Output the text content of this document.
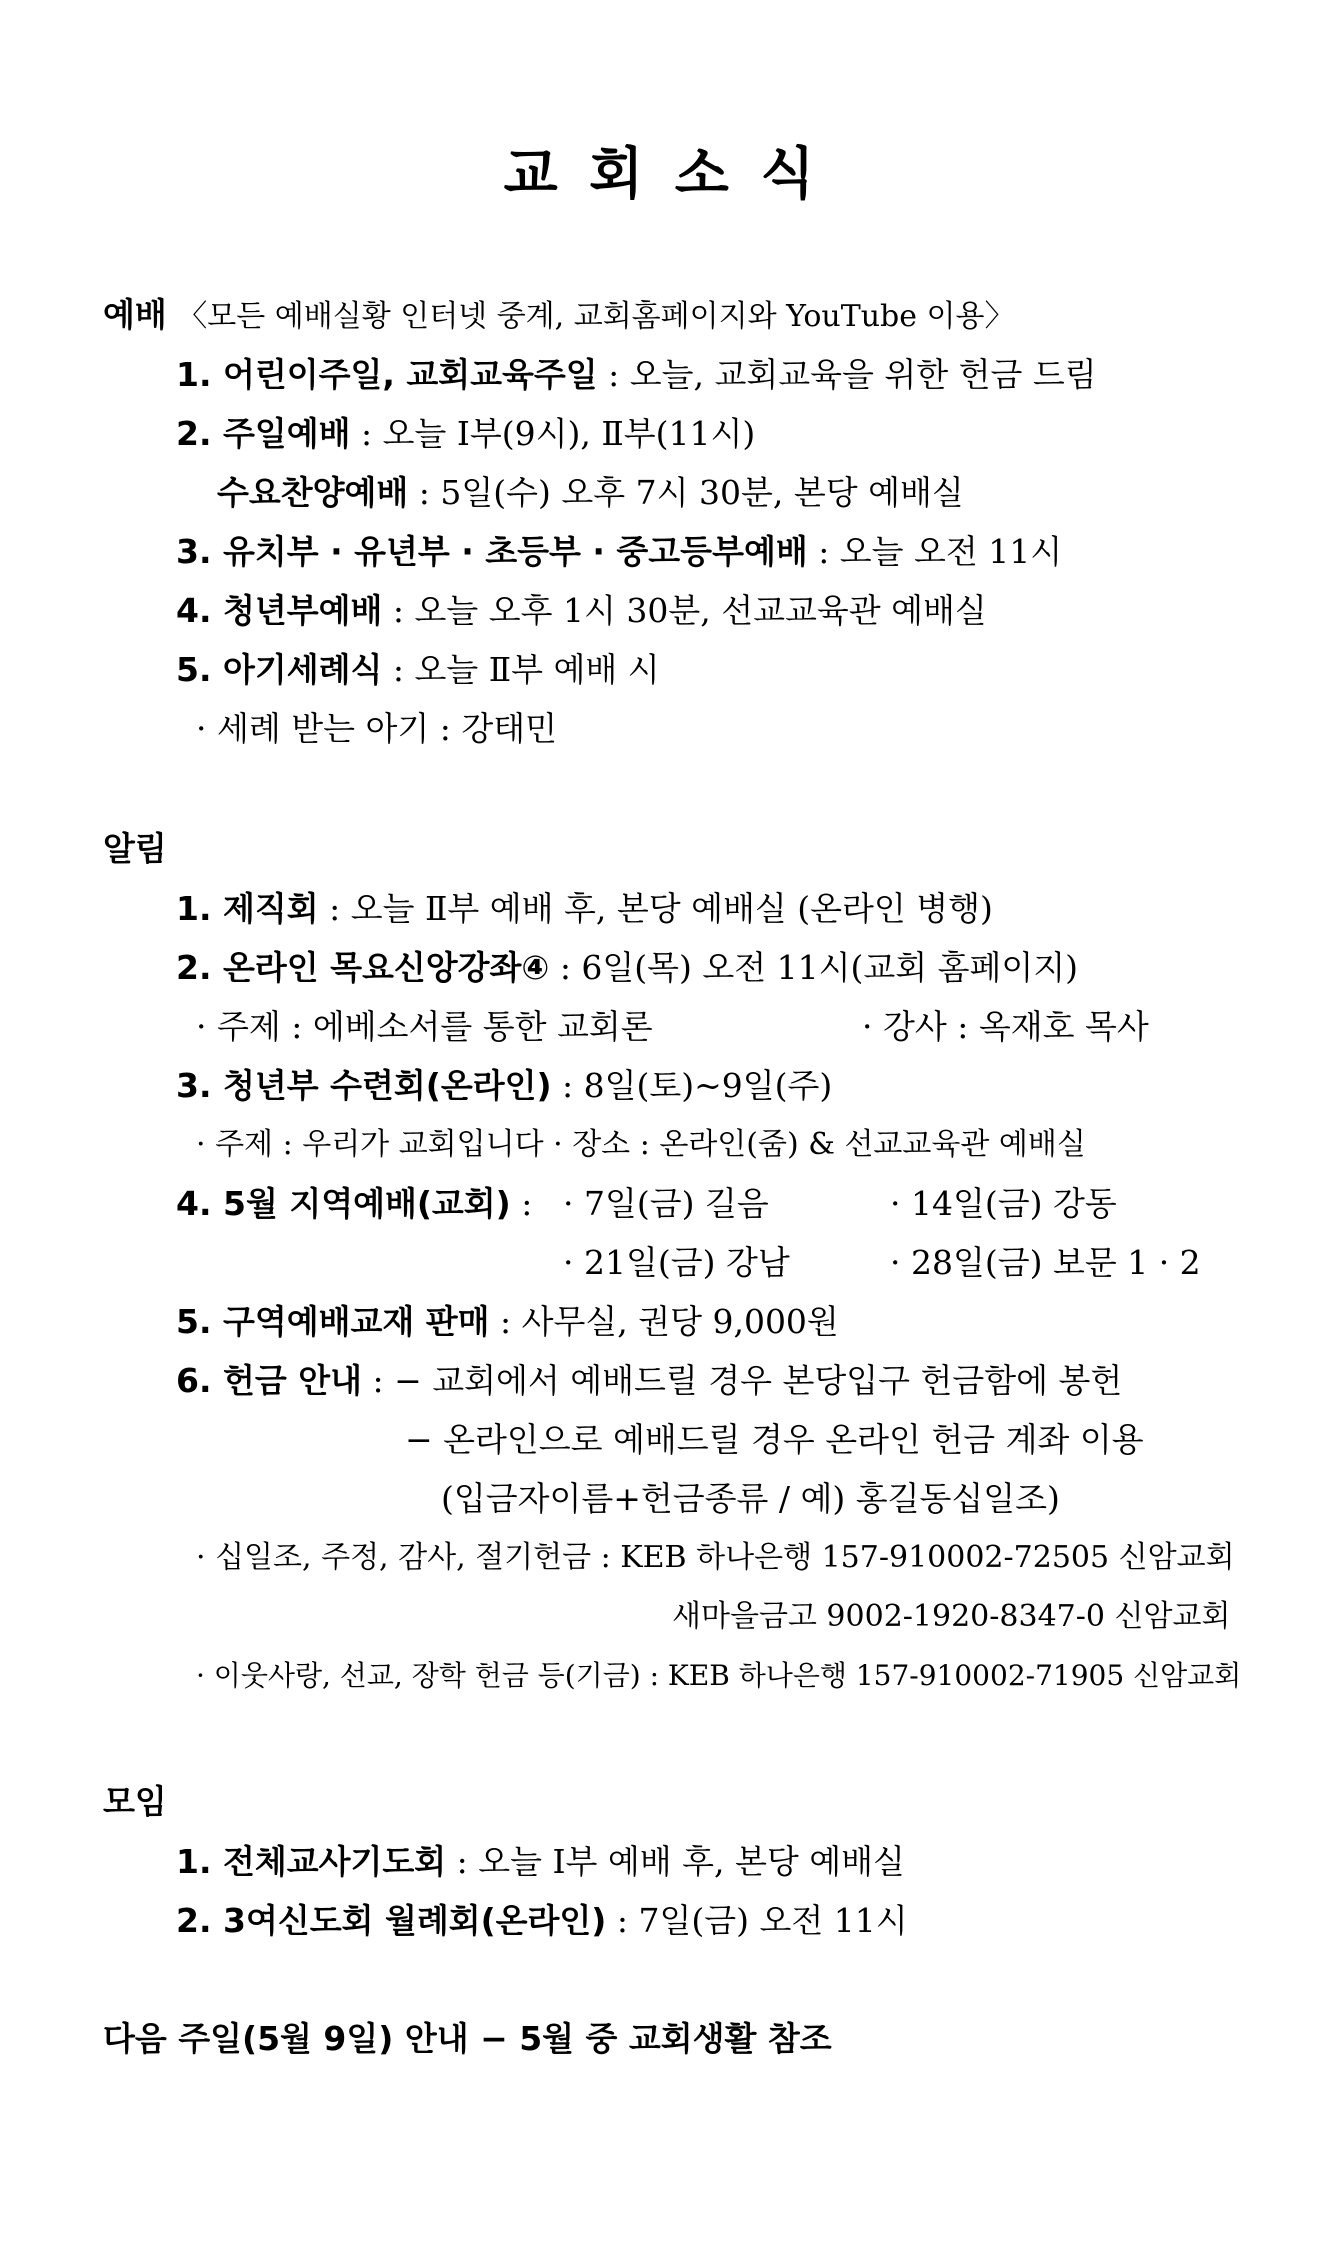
교 회 소 식
예배 〈모든 예배실황 인터넷 중계, 교회홈페이지와 YouTube 이용〉
1. 어린이주일, 교회교육주일 : 오늘, 교회교육을 위한 헌금 드림
2. 주일예배 : 오늘 Ⅰ부(9시), Ⅱ부(11시)
수요찬양예배 : 5일(수) 오후 7시 30분, 본당 예배실
3. 유치부 · 유년부 · 초등부 · 중고등부예배 : 오늘 오전 11시
4. 청년부예배 : 오늘 오후 1시 30분, 선교교육관 예배실
5. 아기세례식 : 오늘 Ⅱ부 예배 시
· 세례 받는 아기 : 강태민
알림
1. 제직회 : 오늘 Ⅱ부 예배 후, 본당 예배실 (온라인 병행)
2. 온라인 목요신앙강좌④ : 6일(목) 오전 11시(교회 홈페이지)
· 주제 : 에베소서를 통한 교회론	· 강사 : 옥재호 목사
3. 청년부 수련회(온라인) : 8일(토)~9일(주)
· 주제 : 우리가 교회입니다 · 장소 : 온라인(줌) & 선교교육관 예배실
4. 5월 지역예배(교회) : · 7일(금) 길음	· 14일(금) 강동
· 21일(금) 강남	· 28일(금) 보문 1 · 2
5. 구역예배교재 판매 : 사무실, 권당 9,000원
6. 헌금 안내 : − 교회에서 예배드릴 경우 본당입구 헌금함에 봉헌
− 온라인으로 예배드릴 경우 온라인 헌금 계좌 이용
(입금자이름+헌금종류 / 예) 홍길동십일조)
· 십일조, 주정, 감사, 절기헌금 : KEB 하나은행 157-910002-72505 신암교회
새마을금고 9002-1920-8347-0 신암교회
· 이웃사랑, 선교, 장학 헌금 등(기금) : KEB 하나은행 157-910002-71905 신암교회
모임
1. 전체교사기도회 : 오늘 Ⅰ부 예배 후, 본당 예배실
2. 3여신도회 월례회(온라인) : 7일(금) 오전 11시
다음 주일(5월 9일) 안내 − 5월 중 교회생활 참조
